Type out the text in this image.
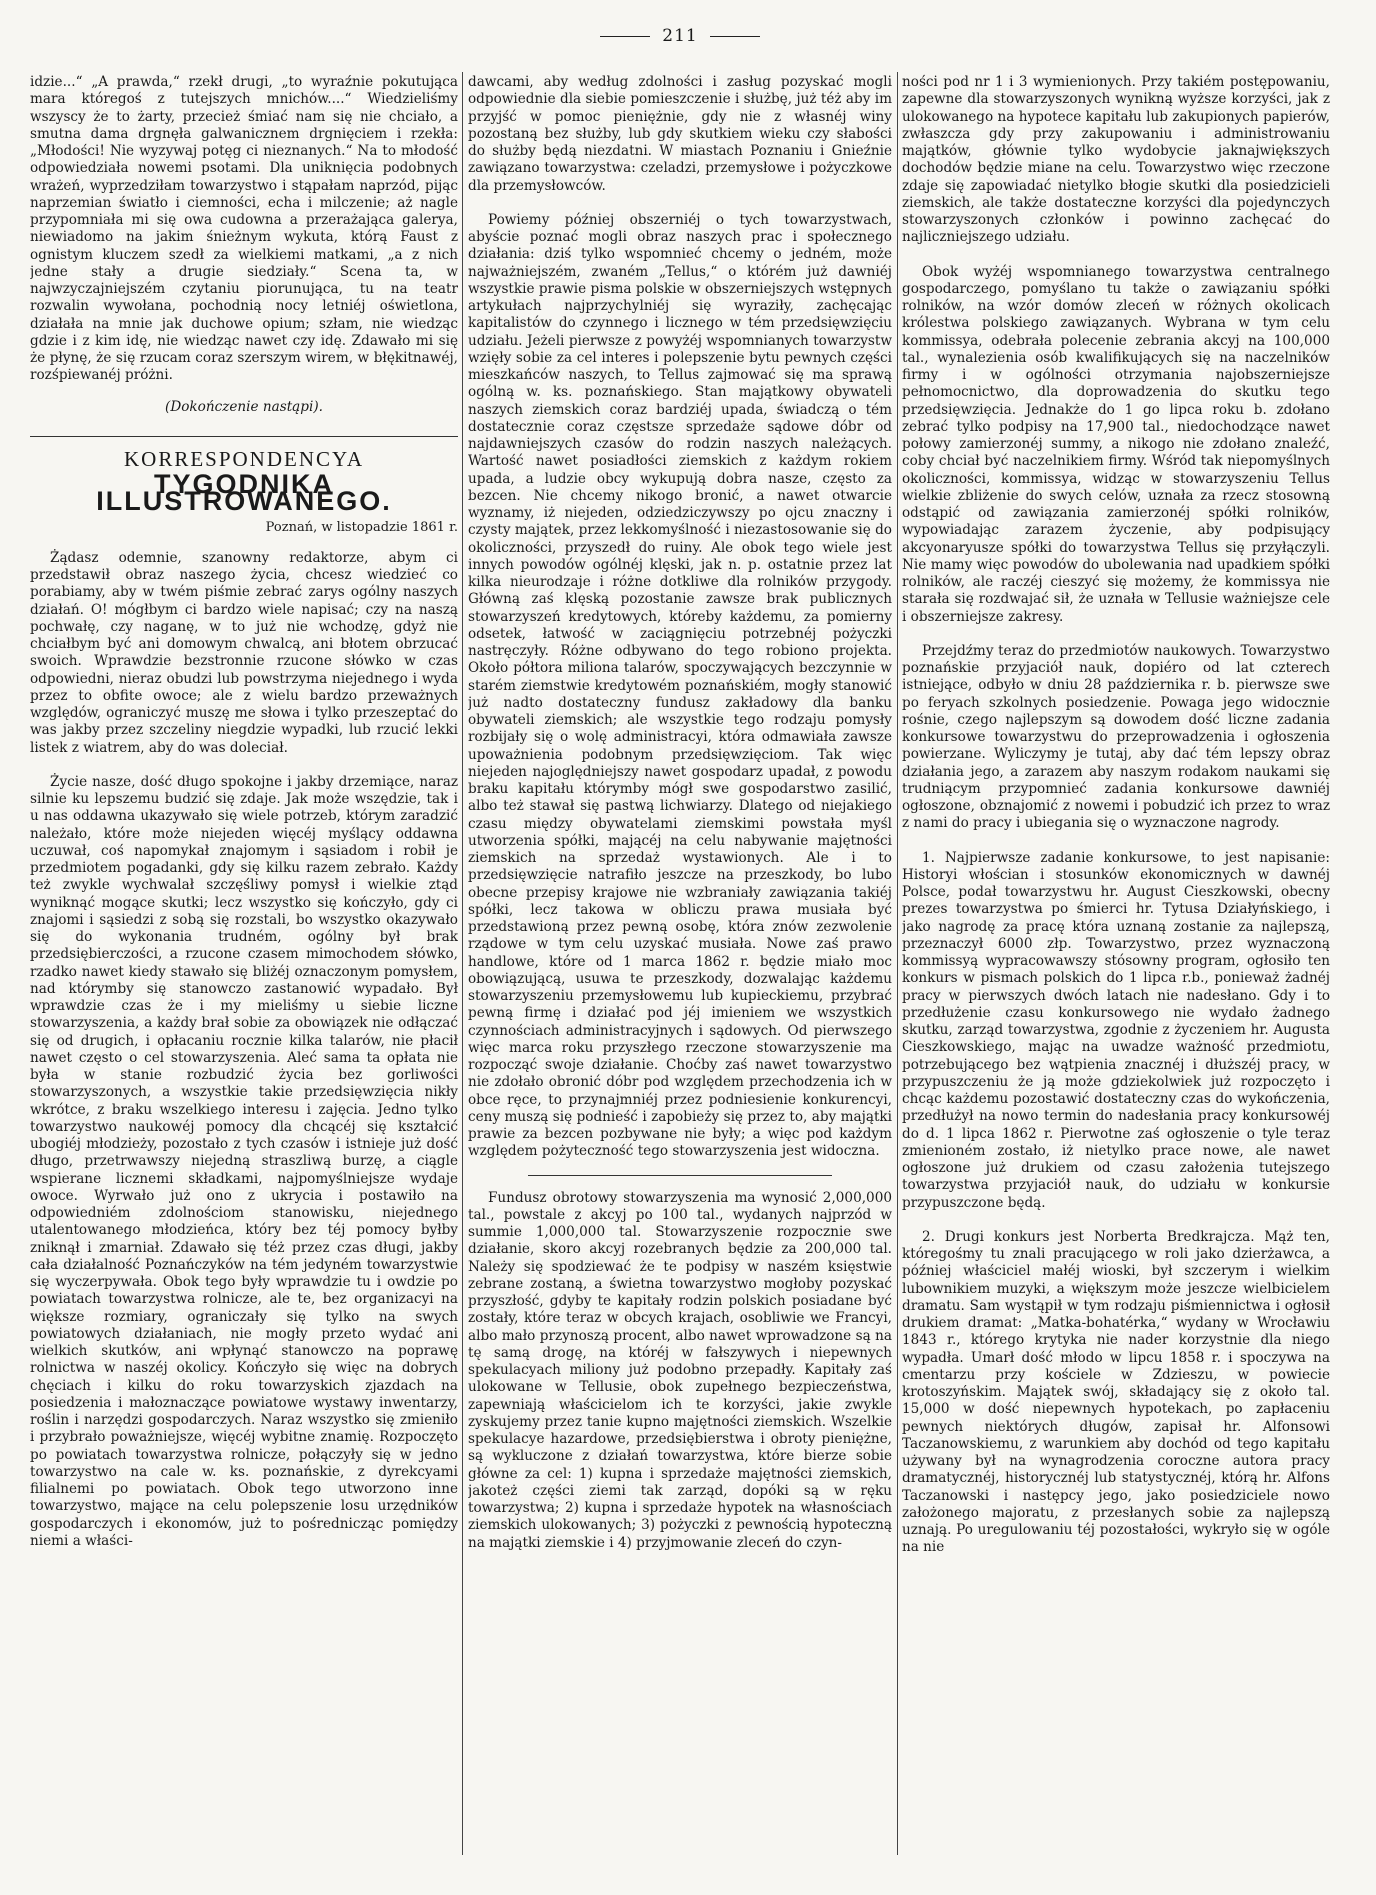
211

idzie...“ „A prawda,“ rzekł drugi, „to wyraźnie pokutująca mara któregoś z tutejszych mnichów....“ Wiedzieliśmy wszyscy że to żarty, przecież śmiać nam się nie chciało, a smutna dama drgnęła galwanicznem drgnięciem i rzekła: „Młodości! Nie wyzywaj potęg ci nieznanych.“ Na to młodość odpowiedziała nowemi psotami. Dla uniknięcia podobnych wrażeń, wyprzedziłam towarzystwo i stąpałam naprzód, pijąc naprzemian światło i ciemności, echa i milczenie; aż nagle przypomniała mi się owa cudowna a przerażająca galerya, niewiadomo na jakim śnieżnym wykuta, którą Faust z ognistym kluczem szedł za wielkiemi matkami, „a z nich jedne stały a drugie siedziały.“ Scena ta, w najwzyczajniejszém czytaniu piorunująca, tu na teatr rozwalin wywołana, pochodnią nocy letniéj oświetlona, działała na mnie jak duchowe opium; szłam, nie wiedząc gdzie i z kim idę, nie wiedząc nawet czy idę. Zdawało mi się że płynę, że się rzucam coraz szerszym wirem, w błękitnawéj, rozśpiewanéj próżni.

(Dokończenie nastąpi).
KORRESPONDENCYA
TYGODNIKA ILLUSTROWANEGO.
Poznań, w listopadzie 1861 r.

Żądasz odemnie, szanowny redaktorze, abym ci przedstawił obraz naszego życia, chcesz wiedzieć co porabiamy, aby w twém piśmie zebrać zarys ogólny naszych działań. O! mógłbym ci bardzo wiele napisać; czy na naszą pochwałę, czy naganę, w to już nie wchodzę, gdyż nie chciałbym być ani domowym chwalcą, ani błotem obrzucać swoich. Wprawdzie bezstronnie rzucone słówko w czas odpowiedni, nieraz obudzi lub powstrzyma niejednego i wyda przez to obfite owoce; ale z wielu bardzo przeważnych względów, ograniczyć muszę me słowa i tylko przeszeptać do was jakby przez szczeliny niegdzie wypadki, lub rzucić lekki listek z wiatrem, aby do was doleciał.

Życie nasze, dość długo spokojne i jakby drzemiące, naraz silnie ku lepszemu budzić się zdaje. Jak może wszędzie, tak i u nas oddawna ukazywało się wiele potrzeb, którym zaradzić należało, które może niejeden więcéj myślący oddawna uczuwał, coś napomykał znajomym i sąsiadom i robił je przedmiotem pogadanki, gdy się kilku razem zebrało. Każdy też zwykle wychwalał szczęśliwy pomysł i wielkie ztąd wyniknąć mogące skutki; lecz wszystko się kończyło, gdy ci znajomi i sąsiedzi z sobą się rozstali, bo wszystko okazywało się do wykonania trudném, ogólny był brak przedsiębierczości, a rzucone czasem mimochodem słówko, rzadko nawet kiedy stawało się bliżéj oznaczonym pomysłem, nad którymby się stanowczo zastanowić wypadało. Był wprawdzie czas że i my mieliśmy u siebie liczne stowarzyszenia, a każdy brał sobie za obowiązek nie odłączać się od drugich, i opłacaniu rocznie kilka talarów, nie płacił nawet często o cel stowarzyszenia. Aleć sama ta opłata nie była w stanie rozbudzić życia bez gorliwości stowarzyszonych, a wszystkie takie przedsięwzięcia nikły wkrótce, z braku wszelkiego interesu i zajęcia. Jedno tylko towarzystwo naukowéj pomocy dla chcącéj się kształcić ubogiéj młodzieży, pozostało z tych czasów i istnieje już dość długo, przetrwawszy niejedną straszliwą burzę, a ciągle wspierane licznemi składkami, najpomyślniejsze wydaje owoce. Wyrwało już ono z ukrycia i postawiło na odpowiedniém zdolnościom stanowisku, niejednego utalentowanego młodzieńca, który bez téj pomocy byłby zniknął i zmarniał. Zdawało się téż przez czas długi, jakby cała działalność Poznańczyków na tém jedyném towarzystwie się wyczerpywała. Obok tego były wprawdzie tu i owdzie po powiatach towarzystwa rolnicze, ale te, bez organizacyi na większe rozmiary, ograniczały się tylko na swych powiatowych działaniach, nie mogły przeto wydać ani wielkich skutków, ani wpłynąć stanowczo na poprawę rolnictwa w naszéj okolicy. Kończyło się więc na dobrych chęciach i kilku do roku towarzyskich zjazdach na posiedzenia i małoznaczące powiatowe wystawy inwentarzy, roślin i narzędzi gospodarczych. Naraz wszystko się zmieniło i przybrało poważniejsze, więcéj wybitne znamię. Rozpoczęto po powiatach towarzystwa rolnicze, połączyły się w jedno towarzystwo na cale w. ks. poznańskie, z dyrekcyami filialnemi po powiatach. Obok tego utworzono inne towarzystwo, mające na celu polepszenie losu urzędników gospodarczych i ekonomów, już to pośrednicząc pomiędzy niemi a właści-

dawcami, aby według zdolności i zasług pozyskać mogli odpowiednie dla siebie pomieszczenie i służbę, już téż aby im przyjść w pomoc pieniężnie, gdy nie z własnéj winy pozostaną bez służby, lub gdy skutkiem wieku czy słabości do służby będą niezdatni. W miastach Poznaniu i Gnieźnie zawiązano towarzystwa: czeladzi, przemysłowe i pożyczkowe dla przemysłowców.

Powiemy później obszerniéj o tych towarzystwach, abyście poznać mogli obraz naszych prac i społecznego działania: dziś tylko wspomnieć chcemy o jedném, może najważniejszém, zwaném „Tellus,“ o którém już dawniéj wszystkie prawie pisma polskie w obszerniejszych wstępnych artykułach najprzychylniéj się wyraziły, zachęcając kapitalistów do czynnego i licznego w tém przedsięwzięciu udziału. Jeżeli pierwsze z powyżéj wspomnianych towarzystw wzięły sobie za cel interes i polepszenie bytu pewnych części mieszkańców naszych, to Tellus zajmować się ma sprawą ogólną w. ks. poznańskiego. Stan majątkowy obywateli naszych ziemskich coraz bardziéj upada, świadczą o tém dostatecznie coraz częstsze sprzedaże sądowe dóbr od najdawniejszych czasów do rodzin naszych należących. Wartość nawet posiadłości ziemskich z każdym rokiem upada, a ludzie obcy wykupują dobra nasze, często za bezcen. Nie chcemy nikogo bronić, a nawet otwarcie wyznamy, iż niejeden, odziedziczywszy po ojcu znaczny i czysty majątek, przez lekkomyślność i niezastosowanie się do okoliczności, przyszedł do ruiny. Ale obok tego wiele jest innych powodów ogólnéj klęski, jak n. p. ostatnie przez lat kilka nieurodzaje i różne dotkliwe dla rolników przygody. Główną zaś klęską pozostanie zawsze brak publicznych stowarzyszeń kredytowych, któreby każdemu, za pomierny odsetek, łatwość w zaciągnięciu potrzebnéj pożyczki nastręczyły. Różne odbywano do tego robiono projekta. Około półtora miliona talarów, spoczywających bezczynnie w starém ziemstwie kredytowém poznańskiém, mogły stanowić już nadto dostateczny fundusz zakładowy dla banku obywateli ziemskich; ale wszystkie tego rodzaju pomysły rozbijały się o wolę administracyi, która odmawiała zawsze upoważnienia podobnym przedsięwzięciom. Tak więc niejeden najoględniejszy nawet gospodarz upadał, z powodu braku kapitału którymby mógł swe gospodarstwo zasilić, albo też stawał się pastwą lichwiarzy. Dlatego od niejakiego czasu między obywatelami ziemskimi powstała myśl utworzenia spółki, mającéj na celu nabywanie majętności ziemskich na sprzedaż wystawionych. Ale i to przedsięwzięcie natrafiło jeszcze na przeszkody, bo lubo obecne przepisy krajowe nie wzbraniały zawiązania takiéj spółki, lecz takowa w obliczu prawa musiała być przedstawioną przez pewną osobę, która znów zezwolenie rządowe w tym celu uzyskać musiała. Nowe zaś prawo handlowe, które od 1 marca 1862 r. będzie miało moc obowiązującą, usuwa te przeszkody, dozwalając każdemu stowarzyszeniu przemysłowemu lub kupieckiemu, przybrać pewną firmę i działać pod jéj imieniem we wszystkich czynnościach administracyjnych i sądowych. Od pierwszego więc marca roku przyszłego rzeczone stowarzyszenie ma rozpocząć swoje działanie. Choćby zaś nawet towarzystwo nie zdołało obronić dóbr pod względem przechodzenia ich w obce ręce, to przynajmniéj przez podniesienie konkurencyi, ceny muszą się podnieść i zapobieży się przez to, aby majątki prawie za bezcen pozbywane nie były; a więc pod każdym względem pożyteczność tego stowarzyszenia jest widoczna.

Fundusz obrotowy stowarzyszenia ma wynosić 2,000,000 tal., powstale z akcyj po 100 tal., wydanych najprzód w summie 1,000,000 tal. Stowarzyszenie rozpocznie swe działanie, skoro akcyj rozebranych będzie za 200,000 tal. Należy się spodziewać że te podpisy w naszém księstwie zebrane zostaną, a świetna towarzystwo mogłoby pozyskać przyszłość, gdyby te kapitały rodzin polskich posiadane być zostały, które teraz w obcych krajach, osobliwie we Francyi, albo mało przynoszą procent, albo nawet wprowadzone są na tę samą drogę, na któréj w fałszywych i niepewnych spekulacyach miliony już podobno przepadły. Kapitały zaś ulokowane w Tellusie, obok zupełnego bezpieczeństwa, zapewniają właścicielom ich te korzyści, jakie zwykle zyskujemy przez tanie kupno majętności ziemskich. Wszelkie spekulacye hazardowe, przedsiębierstwa i obroty pieniężne, są wykluczone z działań towarzystwa, które bierze sobie główne za cel: 1) kupna i sprzedaże majętności ziemskich, jakoteż części ziemi tak zarząd, dopóki są w ręku towarzystwa; 2) kupna i sprzedaże hypotek na własnościach ziemskich ulokowanych; 3) pożyczki z pewnością hypoteczną na majątki ziemskie i 4) przyjmowanie zleceń do czyn-

ności pod nr 1 i 3 wymienionych. Przy takiém postępowaniu, zapewne dla stowarzyszonych wynikną wyższe korzyści, jak z ulokowanego na hypotece kapitału lub zakupionych papierów, zwłaszcza gdy przy zakupowaniu i administrowaniu majątków, głównie tylko wydobycie jaknajwiększych dochodów będzie miane na celu. Towarzystwo więc rzeczone zdaje się zapowiadać nietylko błogie skutki dla posiedzicieli ziemskich, ale także dostateczne korzyści dla pojedynczych stowarzyszonych członków i powinno zachęcać do najliczniejszego udziału.

Obok wyżéj wspomnianego towarzystwa centralnego gospodarczego, pomyślano tu także o zawiązaniu spółki rolników, na wzór domów zleceń w różnych okolicach królestwa polskiego zawiązanych. Wybrana w tym celu kommissya, odebrała polecenie zebrania akcyj na 100,000 tal., wynalezienia osób kwalifikujących się na naczelników firmy i w ogólności otrzymania najobszerniejsze pełnomocnictwo, dla doprowadzenia do skutku tego przedsięwzięcia. Jednakże do 1 go lipca roku b. zdołano zebrać tylko podpisy na 17,900 tal., niedochodzące nawet połowy zamierzonéj summy, a nikogo nie zdołano znaleźć, coby chciał być naczelnikiem firmy. Wśród tak niepomyślnych okoliczności, kommissya, widząc w stowarzyszeniu Tellus wielkie zbliżenie do swych celów, uznała za rzecz stosowną odstąpić od zawiązania zamierzonéj spółki rolników, wypowiadając zarazem życzenie, aby podpisujący akcyonaryusze spółki do towarzystwa Tellus się przyłączyli. Nie mamy więc powodów do ubolewania nad upadkiem spółki rolników, ale raczéj cieszyć się możemy, że kommissya nie starała się rozdwajać sił, że uznała w Tellusie ważniejsze cele i obszerniejsze zakresy.

Przejdźmy teraz do przedmiotów naukowych. Towarzystwo poznańskie przyjaciół nauk, dopiéro od lat czterech istniejące, odbyło w dniu 28 października r. b. pierwsze swe po feryach szkolnych posiedzenie. Powaga jego widocznie rośnie, czego najlepszym są dowodem dość liczne zadania konkursowe towarzystwu do przeprowadzenia i ogłoszenia powierzane. Wyliczymy je tutaj, aby dać tém lepszy obraz działania jego, a zarazem aby naszym rodakom naukami się trudniącym przypomnieć zadania konkursowe dawniéj ogłoszone, obznajomić z nowemi i pobudzić ich przez to wraz z nami do pracy i ubiegania się o wyznaczone nagrody.

1. Najpierwsze zadanie konkursowe, to jest napisanie: Historyi włościan i stosunków ekonomicznych w dawnéj Polsce, podał towarzystwu hr. August Cieszkowski, obecny prezes towarzystwa po śmierci hr. Tytusa Działyńskiego, i jako nagrodę za pracę która uznaną zostanie za najlepszą, przeznaczył 6000 złp. Towarzystwo, przez wyznaczoną kommissyą wypracowawszy stósowny program, ogłosiło ten konkurs w pismach polskich do 1 lipca r.b., ponieważ żadnéj pracy w pierwszych dwóch latach nie nadesłano. Gdy i to przedłużenie czasu konkursowego nie wydało żadnego skutku, zarząd towarzystwa, zgodnie z życzeniem hr. Augusta Cieszkowskiego, mając na uwadze ważność przedmiotu, potrzebującego bez wątpienia znacznéj i dłuższéj pracy, w przypuszczeniu że ją może gdziekolwiek już rozpoczęto i chcąc każdemu pozostawić dostateczny czas do wykończenia, przedłużył na nowo termin do nadesłania pracy konkursowéj do d. 1 lipca 1862 r. Pierwotne zaś ogłoszenie o tyle teraz zmienioném zostało, iż nietylko prace nowe, ale nawet ogłoszone już drukiem od czasu założenia tutejszego towarzystwa przyjaciół nauk, do udziału w konkursie przypuszczone będą.

2. Drugi konkurs jest Norberta Bredkrajcza. Mąż ten, któregośmy tu znali pracującego w roli jako dzierżawca, a później właściciel małéj wioski, był szczerym i wielkim lubownikiem muzyki, a większym może jeszcze wielbicielem dramatu. Sam wystąpił w tym rodzaju piśmiennictwa i ogłosił drukiem dramat: „Matka-bohatérka,“ wydany w Wrocławiu 1843 r., którego krytyka nie nader korzystnie dla niego wypadła. Umarł dość młodo w lipcu 1858 r. i spoczywa na cmentarzu przy kościele w Zdzieszu, w powiecie krotoszyńskim. Majątek swój, składający się z około tal. 15,000 w dość niepewnych hypotekach, po zapłaceniu pewnych niektórych długów, zapisał hr. Alfonsowi Taczanowskiemu, z warunkiem aby dochód od tego kapitału używany był na wynagrodzenia coroczne autora pracy dramatycznéj, historycznéj lub statystycznéj, którą hr. Alfons Taczanowski i następcy jego, jako posiedziciele nowo założonego majoratu, z przesłanych sobie za najlepszą uznają. Po uregulowaniu téj pozostałości, wykryło się w ogóle na nie
